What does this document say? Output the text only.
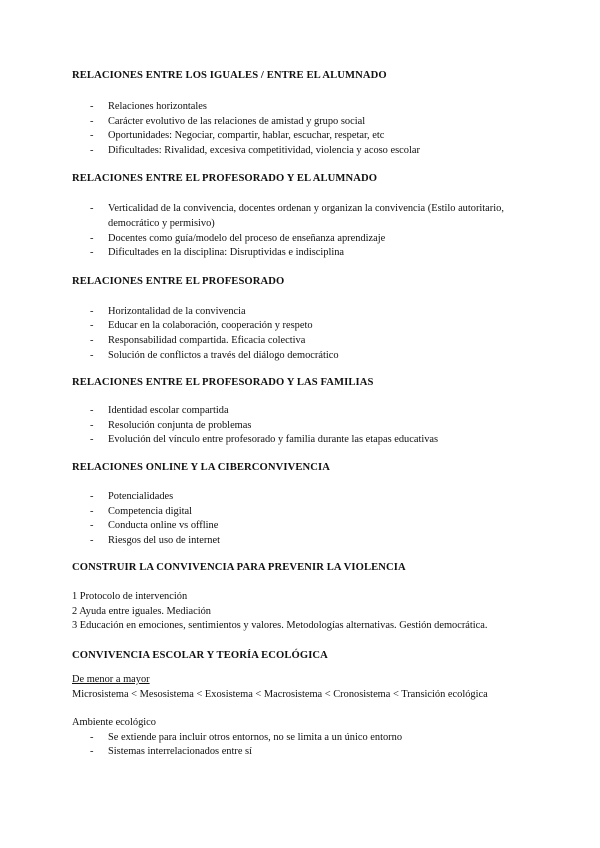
RELACIONES ENTRE LOS IGUALES / ENTRE EL ALUMNADO

- Relaciones horizontales
- Carácter evolutivo de las relaciones de amistad y grupo social
- Oportunidades: Negociar, compartir, hablar, escuchar, respetar, etc
- Dificultades: Rivalidad, excesiva competitividad, violencia y acoso escolar

RELACIONES ENTRE EL PROFESORADO Y EL ALUMNADO

- Verticalidad de la convivencia, docentes ordenan y organizan la convivencia (Estilo autoritario, democrático y permisivo)
- Docentes como guía/modelo del proceso de enseñanza aprendizaje
- Dificultades en la disciplina: Disruptividas e indisciplina

RELACIONES ENTRE EL PROFESORADO

- Horizontalidad de la convivencia
- Educar en la colaboración, cooperación y respeto
- Responsabilidad compartida. Eficacia colectiva
- Solución de conflictos a través del diálogo democrático

RELACIONES ENTRE EL PROFESORADO Y LAS FAMILIAS

- Identidad escolar compartida
- Resolución conjunta de problemas
- Evolución del vínculo entre profesorado y familia durante las etapas educativas

RELACIONES ONLINE Y LA CIBERCONVIVENCIA

- Potencialidades
- Competencia digital
- Conducta online vs offline
- Riesgos del uso de internet

CONSTRUIR LA CONVIVENCIA PARA PREVENIR LA VIOLENCIA

1 Protocolo de intervención
2 Ayuda entre iguales. Mediación
3 Educación en emociones, sentimientos y valores. Metodologías alternativas. Gestión democrática.

CONVIVENCIA ESCOLAR Y TEORÍA ECOLÓGICA

De menor a mayor
Microsistema < Mesosistema < Exosistema < Macrosistema < Cronosistema < Transición ecológica
Ambiente ecológico
- Se extiende para incluir otros entornos, no se limita a un único entorno
- Sistemas interrelacionados entre sí
